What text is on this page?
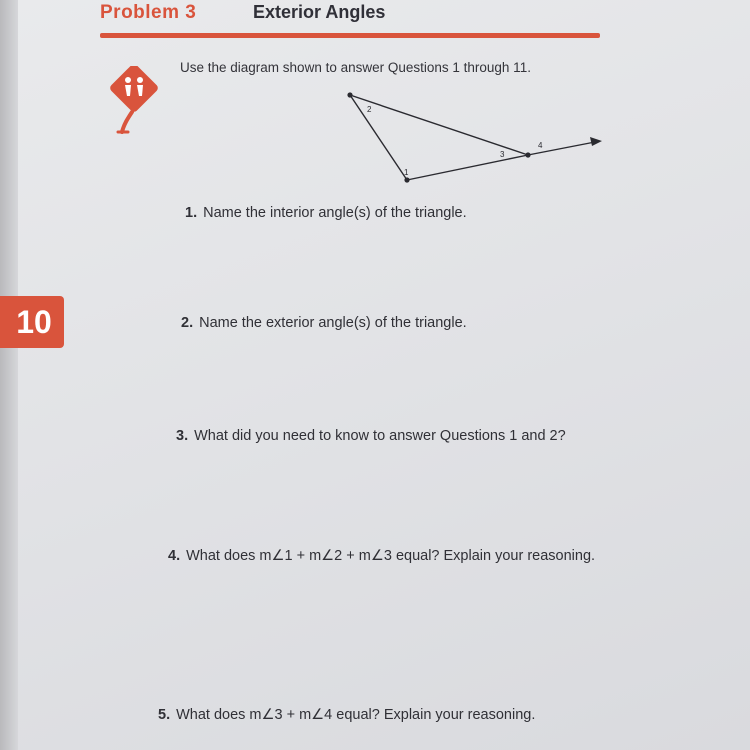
Problem 3	Exterior Angles
Use the diagram shown to answer Questions 1 through 11.
1
2
3
4
10
1. Name the interior angle(s) of the triangle.
2. Name the exterior angle(s) of the triangle.
3. What did you need to know to answer Questions 1 and 2?
4. What does m∠1 + m∠2 + m∠3 equal? Explain your reasoning.
5. What does m∠3 + m∠4 equal? Explain your reasoning.
